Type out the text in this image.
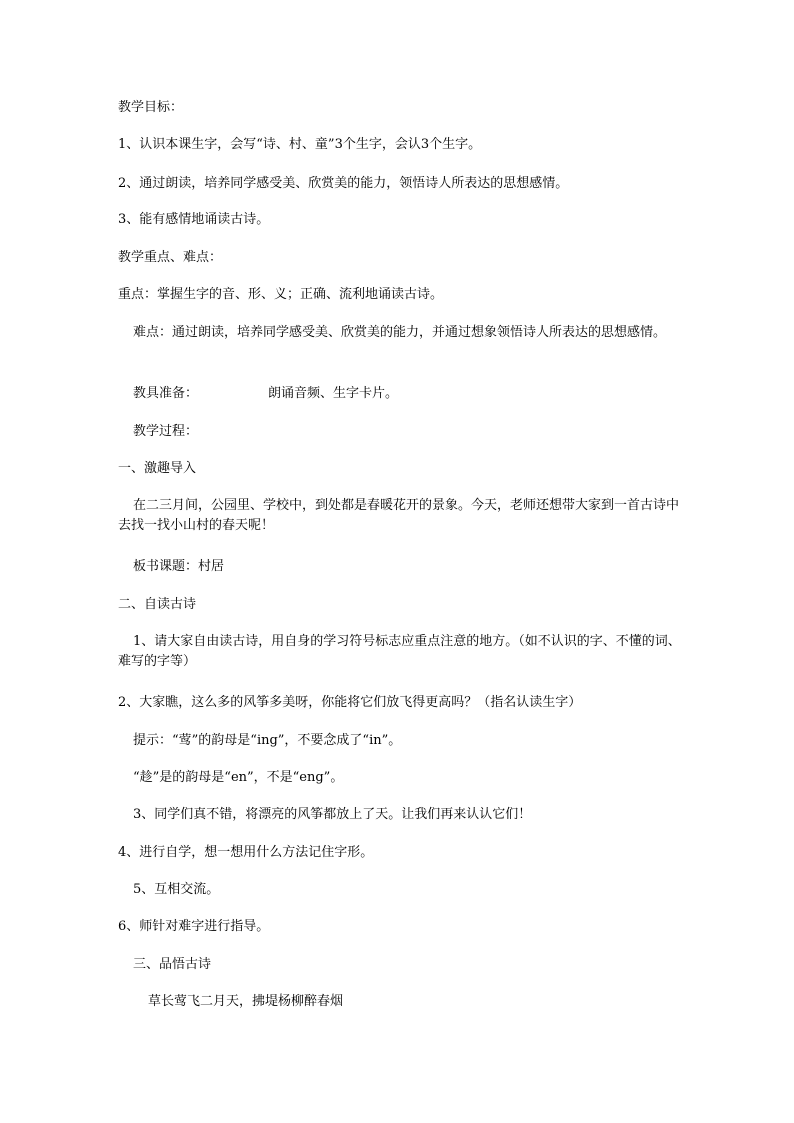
教学目标：
1、认识本课生字，会写“诗、村、童”3个生字，会认3个生字。
2、通过朗读，培养同学感受美、欣赏美的能力，领悟诗人所表达的思想感情。
3、能有感情地诵读古诗。
教学重点、难点：
重点：掌握生字的音、形、义；正确、流利地诵读古诗。
难点：通过朗读，培养同学感受美、欣赏美的能力，并通过想象领悟诗人所表达的思想感情。
教具准备：	朗诵音频、生字卡片。
教学过程：
一、激趣导入
在二三月间，公园里、学校中，到处都是春暖花开的景象。今天，老师还想带大家到一首古诗中去找一找小山村的春天呢！
板书课题：村居
二、自读古诗
1、请大家自由读古诗，用自身的学习符号标志应重点注意的地方。（如不认识的字、不懂的词、难写的字等）
2、大家瞧，这么多的风筝多美呀，你能将它们放飞得更高吗？（指名认读生字）
提示：“莺”的韵母是“ing”，不要念成了“in”。
“趁”是的韵母是“en”，不是“eng”。
3、同学们真不错，将漂亮的风筝都放上了天。让我们再来认认它们！
4、进行自学，想一想用什么方法记住字形。
5、互相交流。
6、师针对难字进行指导。
三、品悟古诗
草长莺飞二月天，拂堤杨柳醉春烟
